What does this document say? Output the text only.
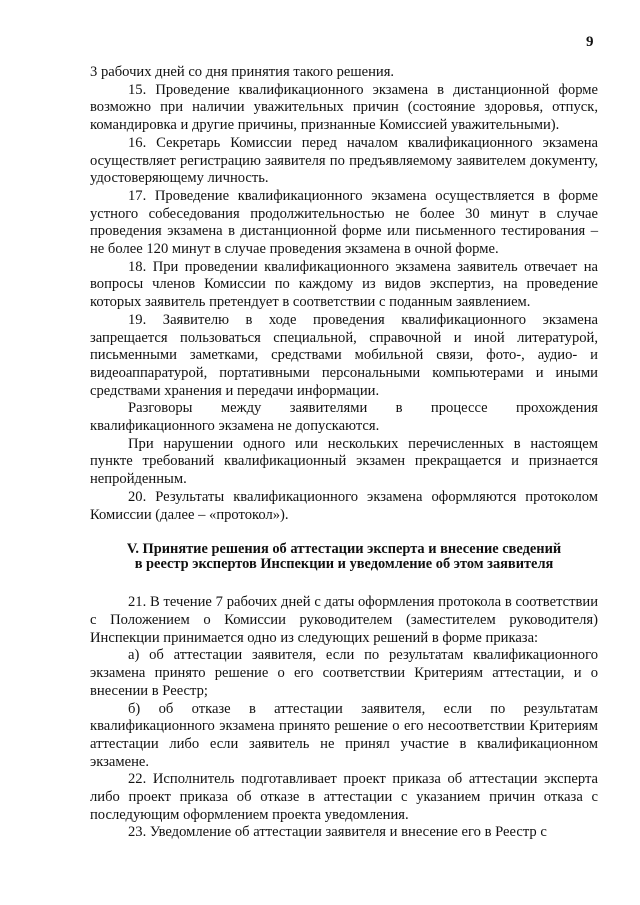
9

3 рабочих дней со дня принятия такого решения.

15. Проведение квалификационного экзамена в дистанционной форме возможно при наличии уважительных причин (состояние здоровья, отпуск, командировка и другие причины, признанные Комиссией уважительными).

16. Секретарь Комиссии перед началом квалификационного экзамена осуществляет регистрацию заявителя по предъявляемому заявителем документу, удостоверяющему личность.

17. Проведение квалификационного экзамена осуществляется в форме устного собеседования продолжительностью не более 30 минут в случае проведения экзамена в дистанционной форме или письменного тестирования – не более 120 минут в случае проведения экзамена в очной форме.

18. При проведении квалификационного экзамена заявитель отвечает на вопросы членов Комиссии по каждому из видов экспертиз, на проведение которых заявитель претендует в соответствии с поданным заявлением.

19. Заявителю в ходе проведения квалификационного экзамена запрещается пользоваться специальной, справочной и иной литературой, письменными заметками, средствами мобильной связи, фото-, аудио- и видеоаппаратурой, портативными персональными компьютерами и иными средствами хранения и передачи информации.

Разговоры между заявителями в процессе прохождения квалификационного экзамена не допускаются.

При нарушении одного или нескольких перечисленных в настоящем пункте требований квалификационный экзамен прекращается и признается непройденным.

20. Результаты квалификационного экзамена оформляются протоколом Комиссии (далее – «протокол»).

V. Принятие решения об аттестации эксперта и внесение сведений
в реестр экспертов Инспекции и уведомление об этом заявителя

21. В течение 7 рабочих дней с даты оформления протокола в соответствии с Положением о Комиссии руководителем (заместителем руководителя) Инспекции принимается одно из следующих решений в форме приказа:

а) об аттестации заявителя, если по результатам квалификационного экзамена принято решение о его соответствии Критериям аттестации, и о внесении в Реестр;

б) об отказе в аттестации заявителя, если по результатам квалификационного экзамена принято решение о его несоответствии Критериям аттестации либо если заявитель не принял участие в квалификационном экзамене.

22. Исполнитель подготавливает проект приказа об аттестации эксперта либо проект приказа об отказе в аттестации с указанием причин отказа с последующим оформлением проекта уведомления.

23. Уведомление об аттестации заявителя и внесение его в Реестр с
